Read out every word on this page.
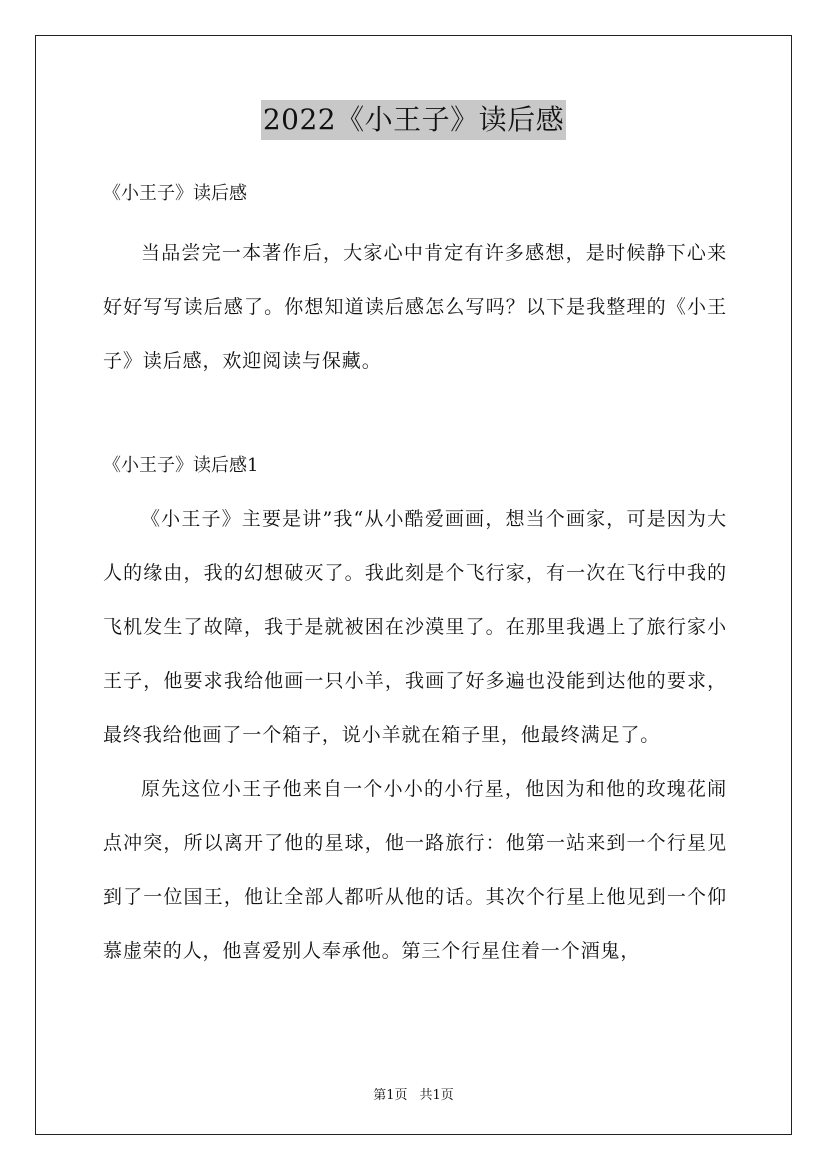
2022《小王子》读后感

《小王子》读后感

当品尝完一本著作后，大家心中肯定有许多感想，是时候静下心来好好写写读后感了。你想知道读后感怎么写吗？以下是我整理的《小王子》读后感，欢迎阅读与保藏。

《小王子》读后感1

《小王子》主要是讲”我“从小酷爱画画，想当个画家，可是因为大人的缘由，我的幻想破灭了。我此刻是个飞行家，有一次在飞行中我的飞机发生了故障，我于是就被困在沙漠里了。在那里我遇上了旅行家小王子，他要求我给他画一只小羊，我画了好多遍也没能到达他的要求，最终我给他画了一个箱子，说小羊就在箱子里，他最终满足了。

原先这位小王子他来自一个小小的小行星，他因为和他的玫瑰花闹点冲突，所以离开了他的星球，他一路旅行：他第一站来到一个行星见到了一位国王，他让全部人都听从他的话。其次个行星上他见到一个仰慕虚荣的人，他喜爱别人奉承他。第三个行星住着一个酒鬼，

第1页 共1页
